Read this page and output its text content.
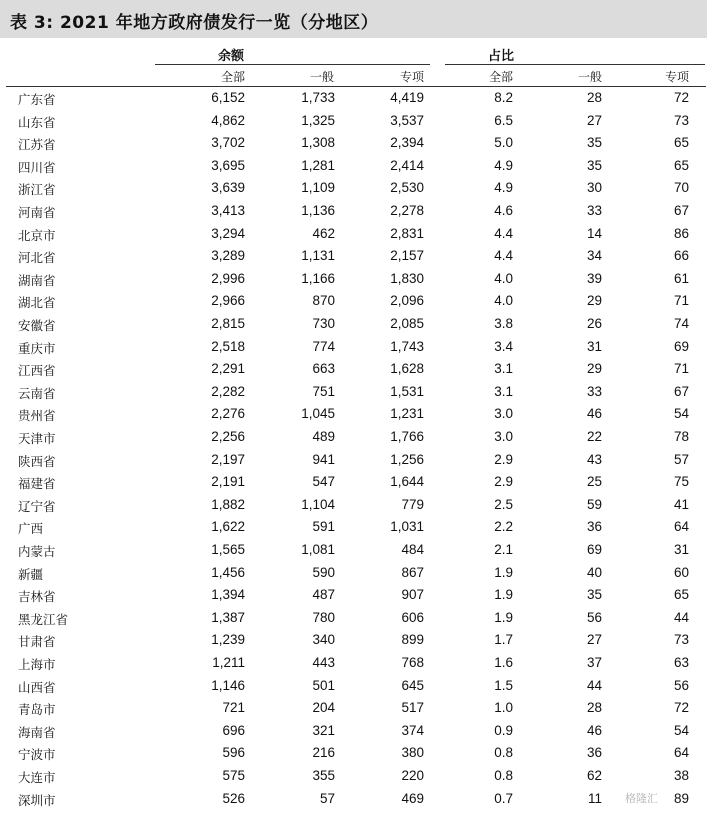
表 3: 2021 年地方政府债发行一览（分地区）
余额	占比
全部	一般	专项	全部	一般	专项
广东省	6,152	1,733	4,419	8.2	28	72
山东省	4,862	1,325	3,537	6.5	27	73
江苏省	3,702	1,308	2,394	5.0	35	65
四川省	3,695	1,281	2,414	4.9	35	65
浙江省	3,639	1,109	2,530	4.9	30	70
河南省	3,413	1,136	2,278	4.6	33	67
北京市	3,294	462	2,831	4.4	14	86
河北省	3,289	1,131	2,157	4.4	34	66
湖南省	2,996	1,166	1,830	4.0	39	61
湖北省	2,966	870	2,096	4.0	29	71
安徽省	2,815	730	2,085	3.8	26	74
重庆市	2,518	774	1,743	3.4	31	69
江西省	2,291	663	1,628	3.1	29	71
云南省	2,282	751	1,531	3.1	33	67
贵州省	2,276	1,045	1,231	3.0	46	54
天津市	2,256	489	1,766	3.0	22	78
陕西省	2,197	941	1,256	2.9	43	57
福建省	2,191	547	1,644	2.9	25	75
辽宁省	1,882	1,104	779	2.5	59	41
广西	1,622	591	1,031	2.2	36	64
内蒙古	1,565	1,081	484	2.1	69	31
新疆	1,456	590	867	1.9	40	60
吉林省	1,394	487	907	1.9	35	65
黑龙江省	1,387	780	606	1.9	56	44
甘肃省	1,239	340	899	1.7	27	73
上海市	1,211	443	768	1.6	37	63
山西省	1,146	501	645	1.5	44	56
青岛市	721	204	517	1.0	28	72
海南省	696	321	374	0.9	46	54
宁波市	596	216	380	0.8	36	64
大连市	575	355	220	0.8	62	38
深圳市	526	57	469	0.7	11	89
格隆汇
